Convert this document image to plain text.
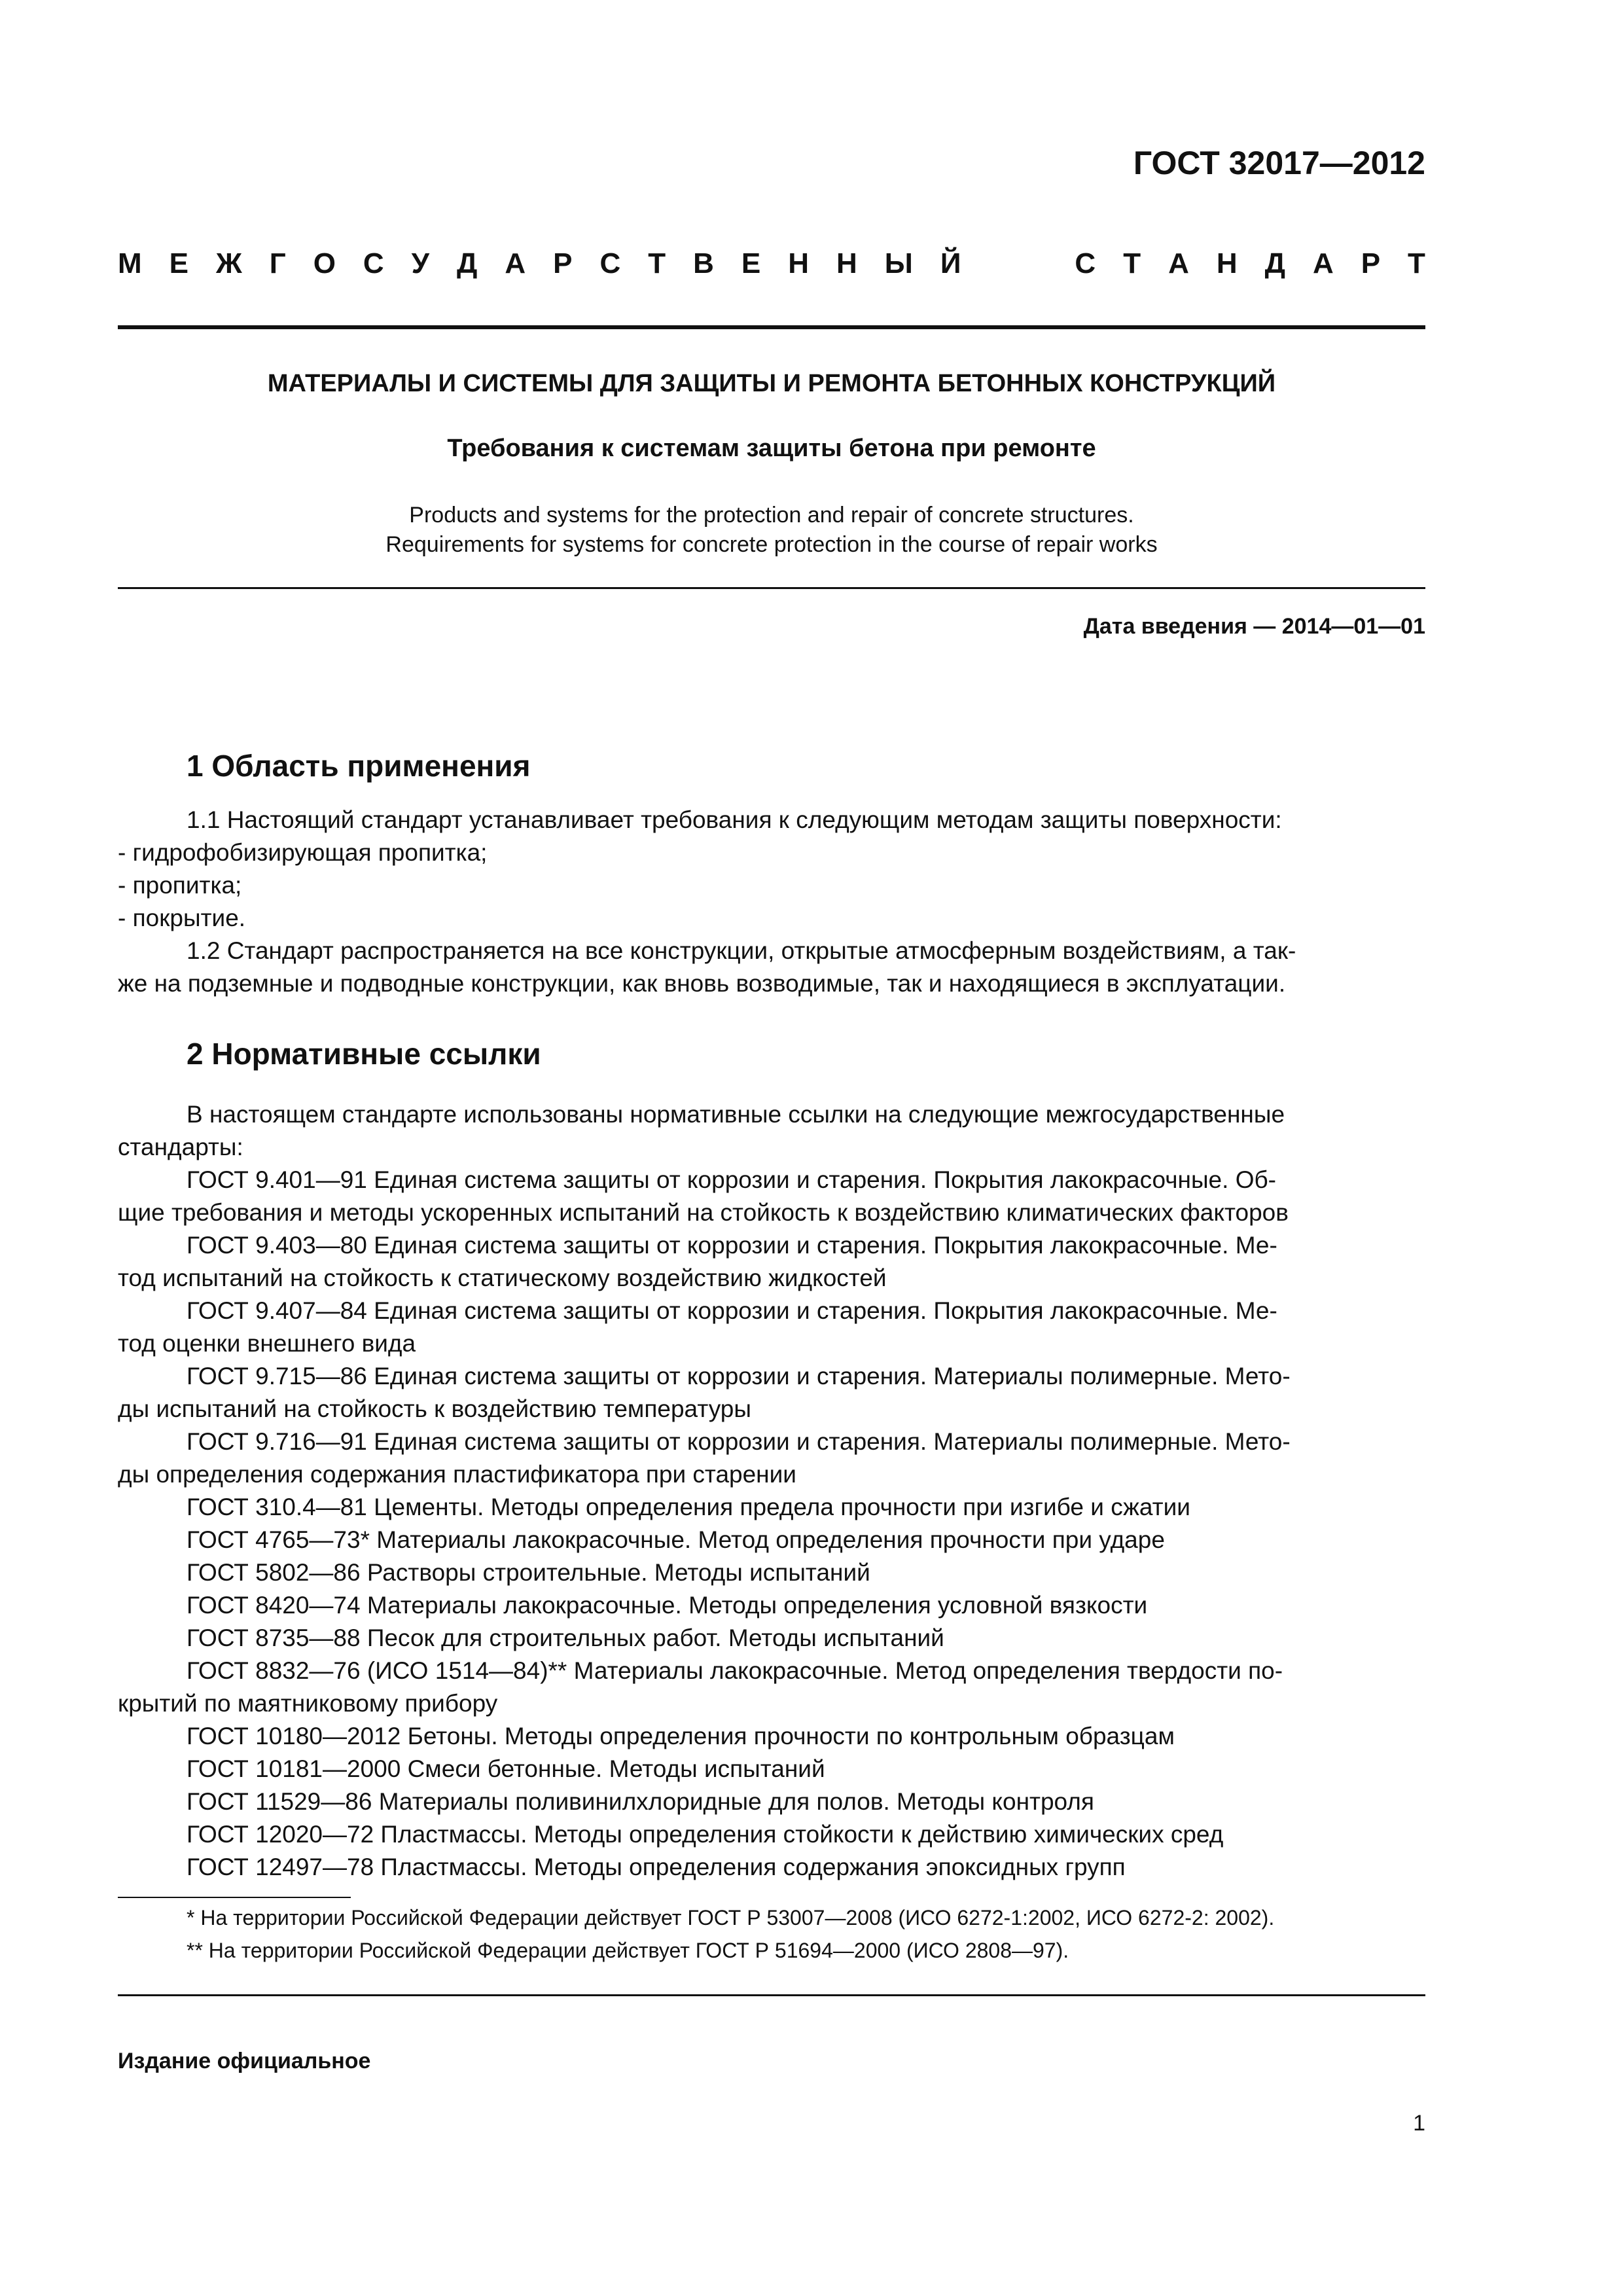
ГОСТ 32017—2012
М Е Ж Г О С У Д А Р С Т В Е Н Н Ы Й	С Т А Н Д А Р Т
МАТЕРИАЛЫ И СИСТЕМЫ ДЛЯ ЗАЩИТЫ И РЕМОНТА БЕТОННЫХ КОНСТРУКЦИЙ
Требования к системам защиты бетона при ремонте
Products and systems for the protection and repair of concrete structures.
Requirements for systems for concrete protection in the course of repair works
Дата введения — 2014—01—01
1 Область применения
1.1 Настоящий стандарт устанавливает требования к следующим методам защиты поверхности:
- гидрофобизирующая пропитка;
- пропитка;
- покрытие.
1.2 Стандарт распространяется на все конструкции, открытые атмосферным воздействиям, а так-
же на подземные и подводные конструкции, как вновь возводимые, так и находящиеся в эксплуатации.
2 Нормативные ссылки
В настоящем стандарте использованы нормативные ссылки на следующие межгосударственные
стандарты:
ГОСТ 9.401—91 Единая система защиты от коррозии и старения. Покрытия лакокрасочные. Об-
щие требования и методы ускоренных испытаний на стойкость к воздействию климатических факторов
ГОСТ 9.403—80 Единая система защиты от коррозии и старения. Покрытия лакокрасочные. Ме-
тод испытаний на стойкость к статическому воздействию жидкостей
ГОСТ 9.407—84 Единая система защиты от коррозии и старения. Покрытия лакокрасочные. Ме-
тод оценки внешнего вида
ГОСТ 9.715—86 Единая система защиты от коррозии и старения. Материалы полимерные. Мето-
ды испытаний на стойкость к воздействию температуры
ГОСТ 9.716—91 Единая система защиты от коррозии и старения. Материалы полимерные. Мето-
ды определения содержания пластификатора при старении
ГОСТ 310.4—81 Цементы. Методы определения предела прочности при изгибе и сжатии
ГОСТ 4765—73* Материалы лакокрасочные. Метод определения прочности при ударе
ГОСТ 5802—86 Растворы строительные. Методы испытаний
ГОСТ 8420—74 Материалы лакокрасочные. Методы определения условной вязкости
ГОСТ 8735—88 Песок для строительных работ. Методы испытаний
ГОСТ 8832—76 (ИСО 1514—84)** Материалы лакокрасочные. Метод определения твердости по-
крытий по маятниковому прибору
ГОСТ 10180—2012 Бетоны. Методы определения прочности по контрольным образцам
ГОСТ 10181—2000 Смеси бетонные. Методы испытаний
ГОСТ 11529—86 Материалы поливинилхлоридные для полов. Методы контроля
ГОСТ 12020—72 Пластмассы. Методы определения стойкости к действию химических сред
ГОСТ 12497—78 Пластмассы. Методы определения содержания эпоксидных групп
* На территории Российской Федерации действует ГОСТ Р 53007—2008 (ИСО 6272-1:2002, ИСО 6272-2: 2002).
** На территории Российской Федерации действует ГОСТ Р 51694—2000 (ИСО 2808—97).
Издание официальное
1
